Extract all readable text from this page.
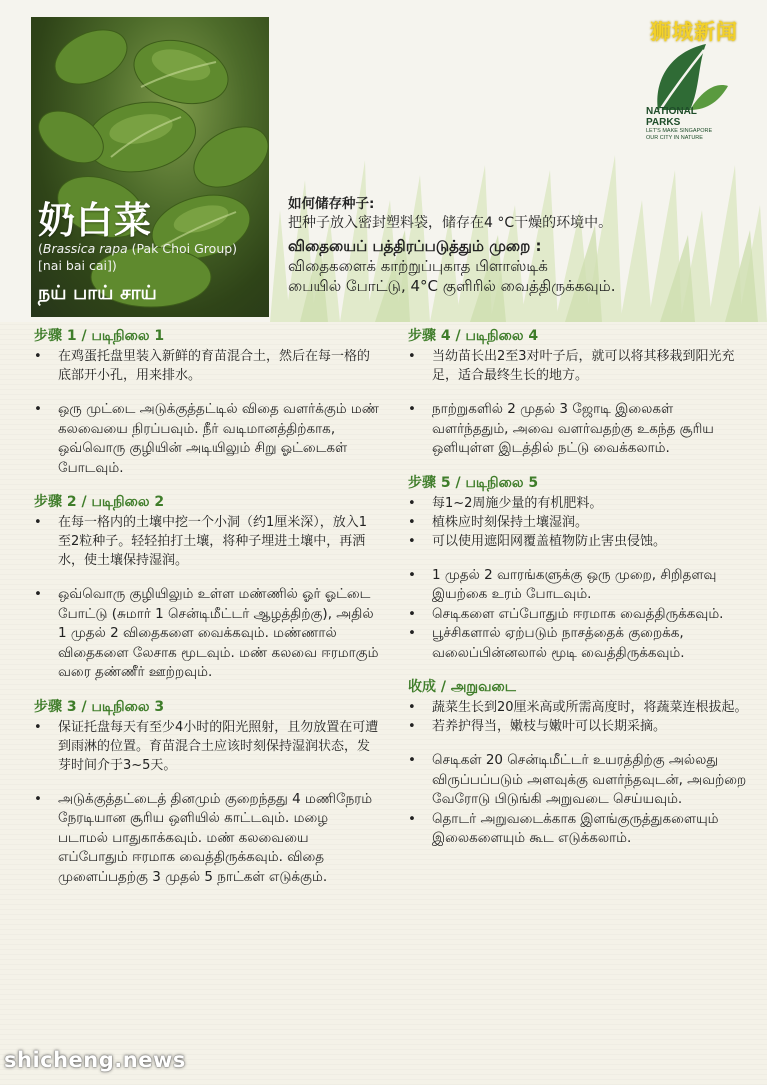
奶白菜
(Brassica rapa (Pak Choi Group)
[nai bai cai])
நய் பாய் சாய்
狮城新闻
NATIONAL
PARKS
LET'S MAKE SINGAPORE
OUR CITY IN NATURE

如何储存种子:

把种子放入密封塑料袋，储存在4 °C干燥的环境中。

விதையைப் பத்திரப்படுத்தும் முறை :

விதைகளைக் காற்றுப்புகாத பிளாஸ்டிக்

பையில் போட்டு, 4°C குளிரில் வைத்திருக்கவும்.

步骤 1 / படிநிலை 1

• 在鸡蛋托盘里装入新鲜的育苗混合土，然后在每一格的底部开小孔，用来排水。
• ஒரு முட்டை அடுக்குத்தட்டில் விதை வளர்க்கும் மண் கலவையை நிரப்பவும். நீர் வடிமானத்திற்காக, ஒவ்வொரு குழியின் அடியிலும் சிறு ஓட்டைகள் போடவும்.

步骤 2 / படிநிலை 2

• 在每一格内的土壤中挖一个小洞（约1厘米深），放入1至2粒种子。轻轻拍打土壤，将种子埋进土壤中，再洒水，使土壤保持湿润。
• ஒவ்வொரு குழியிலும் உள்ள மண்ணில் ஓர் ஓட்டை போட்டு (சுமார் 1 சென்டிமீட்டர் ஆழத்திற்கு), அதில் 1 முதல் 2 விதைகளை வைக்கவும். மண்ணால் விதைகளை லேசாக மூடவும். மண் கலவை ஈரமாகும் வரை தண்ணீர் ஊற்றவும்.

步骤 3 / படிநிலை 3

• 保证托盘每天有至少4小时的阳光照射，且勿放置在可遭到雨淋的位置。育苗混合土应该时刻保持湿润状态，发芽时间介于3~5天。
• அடுக்குத்தட்டைத் தினமும் குறைந்தது 4 மணிநேரம் நேரடியான சூரிய ஒளியில் காட்டவும். மழை படாமல் பாதுகாக்கவும். மண் கலவையை எப்போதும் ஈரமாக வைத்திருக்கவும். விதை முளைப்பதற்கு 3 முதல் 5 நாட்கள் எடுக்கும்.

步骤 4 / படிநிலை 4

• 当幼苗长出2至3对叶子后，就可以将其移栽到阳光充足，适合最终生长的地方。
• நாற்றுகளில் 2 முதல் 3 ஜோடி இலைகள் வளர்ந்ததும், அவை வளர்வதற்கு உகந்த சூரிய ஒளியுள்ள இடத்தில் நட்டு வைக்கலாம்.

步骤 5 / படிநிலை 5

• 每1~2周施少量的有机肥料。
• 植株应时刻保持土壤湿润。
• 可以使用遮阳网覆盖植物防止害虫侵蚀。
• 1 முதல் 2 வாரங்களுக்கு ஒரு முறை, சிறிதளவு இயற்கை உரம் போடவும்.
• செடிகளை எப்போதும் ஈரமாக வைத்திருக்கவும்.
• பூச்சிகளால் ஏற்படும் நாசத்தைக் குறைக்க, வலைப்பின்னலால் மூடி வைத்திருக்கவும்.

收成 / அறுவடை

• 蔬菜生长到20厘米高或所需高度时，将蔬菜连根拔起。
• 若养护得当，嫩枝与嫩叶可以长期采摘。
• செடிகள் 20 சென்டிமீட்டர் உயரத்திற்கு அல்லது விருப்பப்படும் அளவுக்கு வளர்ந்தவுடன், அவற்றை வேரோடு பிடுங்கி அறுவடை செய்யவும்.
• தொடர் அறுவடைக்காக இளங்குருத்துகளையும் இலைகளையும் கூட எடுக்கலாம்.
shicheng.news
